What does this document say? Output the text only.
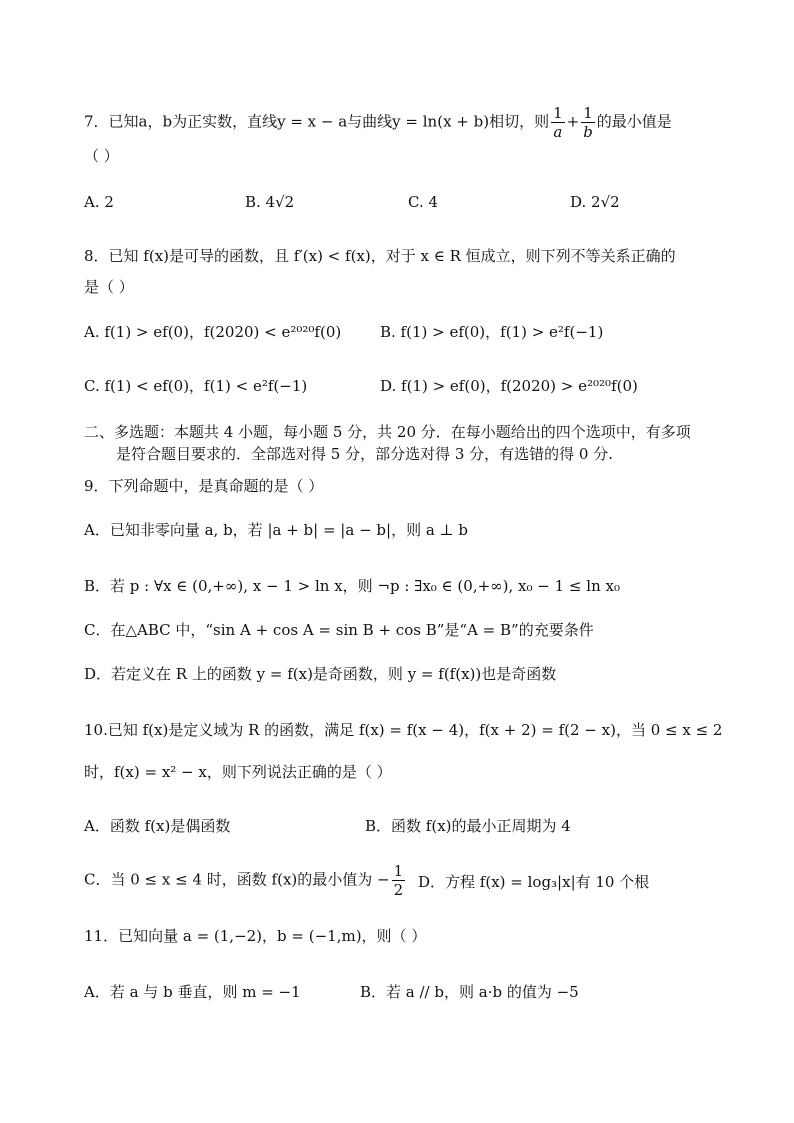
7．已知a，b为正实数，直线y = x − a与曲线y = ln(x + b)相切，则 $\frac{1}{a} + \frac{1}{b}$ 的最小值是
（ ）
A. 2	B. 4√2	C. 4	D. 2√2
8．已知 f(x)是可导的函数，且 f′(x) < f(x)，对于 x ∈ R 恒成立，则下列不等关系正确的
是（ ）
A. f(1) > ef(0)，f(2020) < e²⁰²⁰f(0)	B. f(1) > ef(0)，f(1) > e²f(−1)
C. f(1) < ef(0)，f(1) < e²f(−1)	D. f(1) > ef(0)，f(2020) > e²⁰²⁰f(0)
二、多选题：本题共 4 小题，每小题 5 分，共 20 分．在每小题给出的四个选项中，有多项
是符合题目要求的．全部选对得 5 分，部分选对得 3 分，有选错的得 0 分.
9．下列命题中，是真命题的是（ ）
A．已知非零向量 a, b，若 |a + b| = |a − b|，则 a ⊥ b
B．若 p : ∀x ∈ (0,+∞), x − 1 > ln x，则 ¬p : ∃x₀ ∈ (0,+∞), x₀ − 1 ≤ ln x₀
C．在△ABC 中，“sin A + cos A = sin B + cos B”是“A = B”的充要条件
D．若定义在 R 上的函数 y = f(x)是奇函数，则 y = f(f(x))也是奇函数
10.已知 f(x)是定义域为 R 的函数，满足 f(x) = f(x − 4)，f(x + 2) = f(2 − x)，当 0 ≤ x ≤ 2
时，f(x) = x² − x，则下列说法正确的是（ ）
A．函数 f(x)是偶函数	B．函数 f(x)的最小正周期为 4
C．当 0 ≤ x ≤ 4 时，函数 f(x)的最小值为 − $\frac{1}{2}$ D．方程 f(x) = log₃|x|有 10 个根
11．已知向量 a = (1,−2)，b = (−1,m)，则（ ）
A．若 a 与 b 垂直，则 m = −1	B．若 a // b，则 a·b 的值为 −5
